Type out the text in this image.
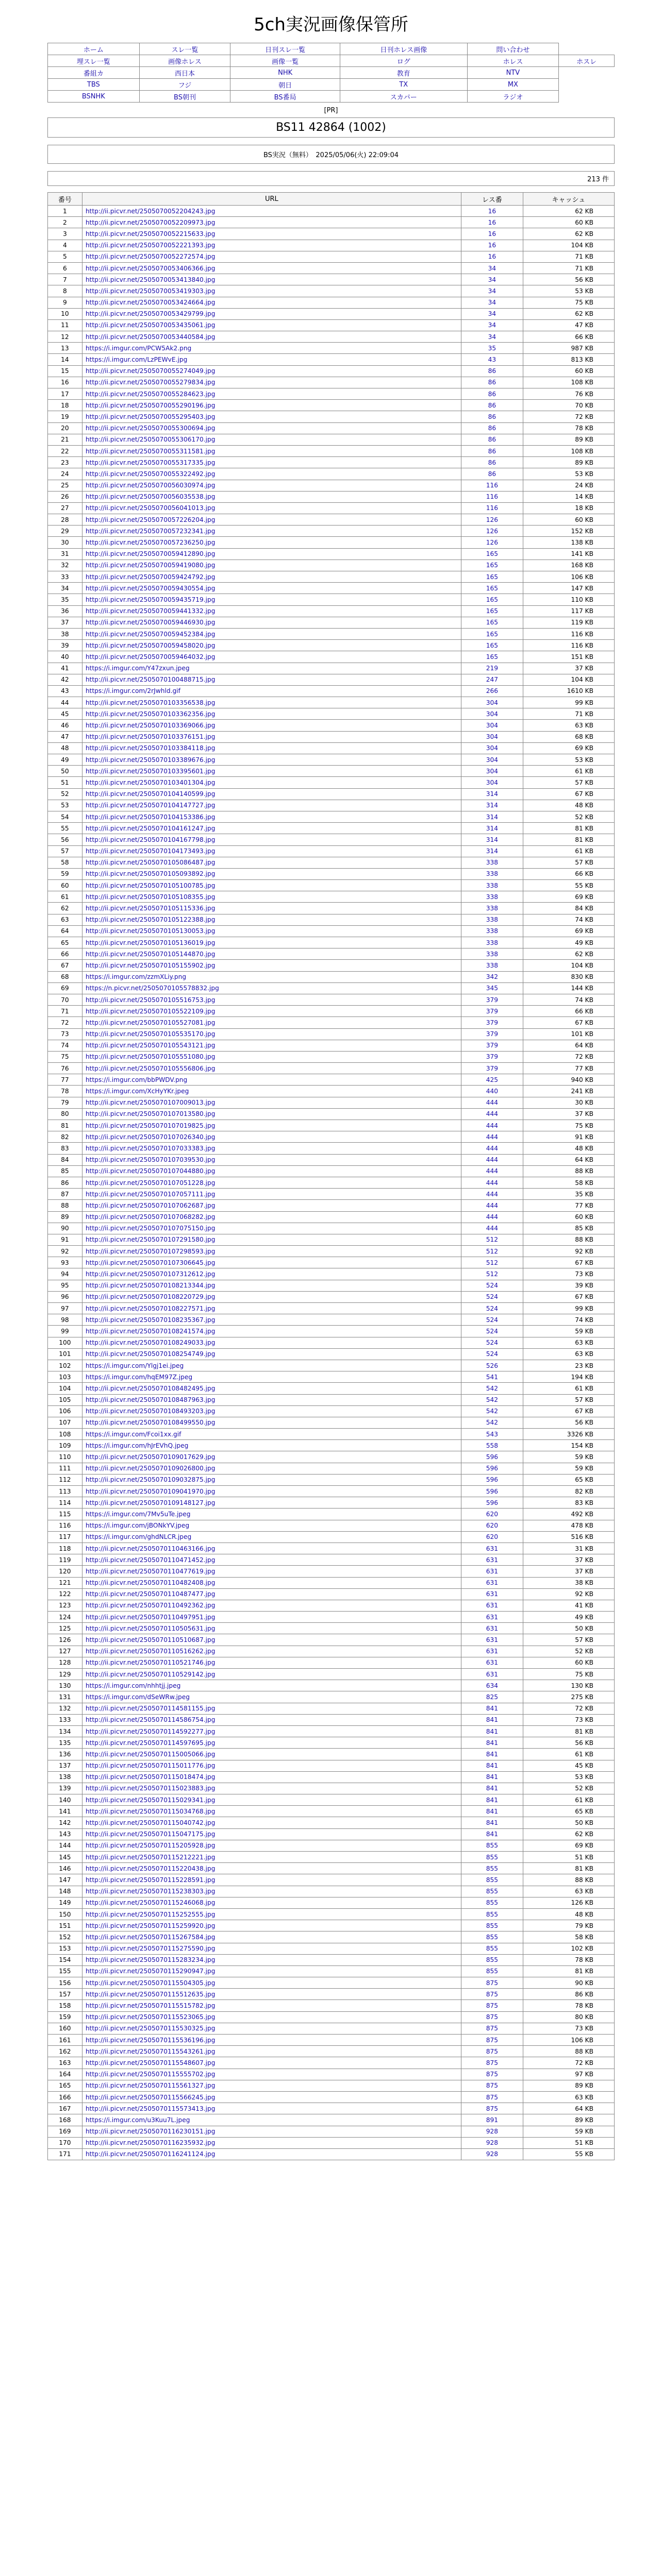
5ch実況画像保管所
ホーム	スレ一覧	日刊スレ一覧	日刊ホレス画像	問い合わせ	
埋スレ一覧	画像ホレス	画像一覧	ログ	ホレス	ホスレ
番組カ	西日本	NHK	教育	NTV	
TBS	フジ	朝日	TX	MX	
BSNHK	BS朝刊	BS番局	スカパー	ラジオ	
[PR]
BS11 42864 (1002)
BS実況（無料）　2025/05/06(火) 22:09:04
213 件
番号	URL	レス番	キャッシュ
1	http://ii.picvr.net/2505070052204243.jpg	16	62 KB
2	http://ii.picvr.net/2505070052209973.jpg	16	60 KB
3	http://ii.picvr.net/2505070052215633.jpg	16	62 KB
4	http://ii.picvr.net/2505070052221393.jpg	16	104 KB
5	http://ii.picvr.net/2505070052272574.jpg	16	71 KB
6	http://ii.picvr.net/2505070053406366.jpg	34	71 KB
7	http://ii.picvr.net/2505070053413840.jpg	34	56 KB
8	http://ii.picvr.net/2505070053419303.jpg	34	53 KB
9	http://ii.picvr.net/2505070053424664.jpg	34	75 KB
10	http://ii.picvr.net/2505070053429799.jpg	34	62 KB
11	http://ii.picvr.net/2505070053435061.jpg	34	47 KB
12	http://ii.picvr.net/2505070053440584.jpg	34	66 KB
13	https://i.imgur.com/PCW5Ak2.png	35	987 KB
14	https://i.imgur.com/LzPEWvE.jpg	43	813 KB
15	http://ii.picvr.net/2505070055274049.jpg	86	60 KB
16	http://ii.picvr.net/2505070055279834.jpg	86	108 KB
17	http://ii.picvr.net/2505070055284623.jpg	86	76 KB
18	http://ii.picvr.net/2505070055290196.jpg	86	70 KB
19	http://ii.picvr.net/2505070055295403.jpg	86	72 KB
20	http://ii.picvr.net/2505070055300694.jpg	86	78 KB
21	http://ii.picvr.net/2505070055306170.jpg	86	89 KB
22	http://ii.picvr.net/2505070055311581.jpg	86	108 KB
23	http://ii.picvr.net/2505070055317335.jpg	86	89 KB
24	http://ii.picvr.net/2505070055322492.jpg	86	53 KB
25	http://ii.picvr.net/2505070056030974.jpg	116	24 KB
26	http://ii.picvr.net/2505070056035538.jpg	116	14 KB
27	http://ii.picvr.net/2505070056041013.jpg	116	18 KB
28	http://ii.picvr.net/2505070057226204.jpg	126	60 KB
29	http://ii.picvr.net/2505070057232341.jpg	126	152 KB
30	http://ii.picvr.net/2505070057236250.jpg	126	138 KB
31	http://ii.picvr.net/2505070059412890.jpg	165	141 KB
32	http://ii.picvr.net/2505070059419080.jpg	165	168 KB
33	http://ii.picvr.net/2505070059424792.jpg	165	106 KB
34	http://ii.picvr.net/2505070059430554.jpg	165	147 KB
35	http://ii.picvr.net/2505070059435719.jpg	165	110 KB
36	http://ii.picvr.net/2505070059441332.jpg	165	117 KB
37	http://ii.picvr.net/2505070059446930.jpg	165	119 KB
38	http://ii.picvr.net/2505070059452384.jpg	165	116 KB
39	http://ii.picvr.net/2505070059458020.jpg	165	116 KB
40	http://ii.picvr.net/2505070059464032.jpg	165	151 KB
41	https://i.imgur.com/Y47zxun.jpeg	219	37 KB
42	http://ii.picvr.net/2505070100488715.jpg	247	104 KB
43	https://i.imgur.com/2rJwhld.gif	266	1610 KB
44	http://ii.picvr.net/2505070103356538.jpg	304	99 KB
45	http://ii.picvr.net/2505070103362356.jpg	304	71 KB
46	http://ii.picvr.net/2505070103369066.jpg	304	63 KB
47	http://ii.picvr.net/2505070103376151.jpg	304	68 KB
48	http://ii.picvr.net/2505070103384118.jpg	304	69 KB
49	http://ii.picvr.net/2505070103389676.jpg	304	53 KB
50	http://ii.picvr.net/2505070103395601.jpg	304	61 KB
51	http://ii.picvr.net/2505070103401304.jpg	304	57 KB
52	http://ii.picvr.net/2505070104140599.jpg	314	67 KB
53	http://ii.picvr.net/2505070104147727.jpg	314	48 KB
54	http://ii.picvr.net/2505070104153386.jpg	314	52 KB
55	http://ii.picvr.net/2505070104161247.jpg	314	81 KB
56	http://ii.picvr.net/2505070104167798.jpg	314	81 KB
57	http://ii.picvr.net/2505070104173493.jpg	314	61 KB
58	http://ii.picvr.net/2505070105086487.jpg	338	57 KB
59	http://ii.picvr.net/2505070105093892.jpg	338	66 KB
60	http://ii.picvr.net/2505070105100785.jpg	338	55 KB
61	http://ii.picvr.net/2505070105108355.jpg	338	69 KB
62	http://ii.picvr.net/2505070105115336.jpg	338	84 KB
63	http://ii.picvr.net/2505070105122388.jpg	338	74 KB
64	http://ii.picvr.net/2505070105130053.jpg	338	69 KB
65	http://ii.picvr.net/2505070105136019.jpg	338	49 KB
66	http://ii.picvr.net/2505070105144870.jpg	338	62 KB
67	http://ii.picvr.net/2505070105155902.jpg	338	104 KB
68	https://i.imgur.com/zzmXLiy.png	342	830 KB
69	https://n.picvr.net/2505070105578832.jpg	345	144 KB
70	http://ii.picvr.net/2505070105516753.jpg	379	74 KB
71	http://ii.picvr.net/2505070105522109.jpg	379	66 KB
72	http://ii.picvr.net/2505070105527081.jpg	379	67 KB
73	http://ii.picvr.net/2505070105535170.jpg	379	101 KB
74	http://ii.picvr.net/2505070105543121.jpg	379	64 KB
75	http://ii.picvr.net/2505070105551080.jpg	379	72 KB
76	http://ii.picvr.net/2505070105556806.jpg	379	77 KB
77	https://i.imgur.com/bbPWDV.png	425	940 KB
78	https://i.imgur.com/XcHyYKr.jpeg	440	241 KB
79	http://ii.picvr.net/2505070107009013.jpg	444	30 KB
80	http://ii.picvr.net/2505070107013580.jpg	444	37 KB
81	http://ii.picvr.net/2505070107019825.jpg	444	75 KB
82	http://ii.picvr.net/2505070107026340.jpg	444	91 KB
83	http://ii.picvr.net/2505070107033383.jpg	444	48 KB
84	http://ii.picvr.net/2505070107039530.jpg	444	64 KB
85	http://ii.picvr.net/2505070107044880.jpg	444	88 KB
86	http://ii.picvr.net/2505070107051228.jpg	444	58 KB
87	http://ii.picvr.net/2505070107057111.jpg	444	35 KB
88	http://ii.picvr.net/2505070107062687.jpg	444	77 KB
89	http://ii.picvr.net/2505070107068282.jpg	444	60 KB
90	http://ii.picvr.net/2505070107075150.jpg	444	85 KB
91	http://ii.picvr.net/2505070107291580.jpg	512	88 KB
92	http://ii.picvr.net/2505070107298593.jpg	512	92 KB
93	http://ii.picvr.net/2505070107306645.jpg	512	67 KB
94	http://ii.picvr.net/2505070107312612.jpg	512	73 KB
95	http://ii.picvr.net/2505070108213344.jpg	524	39 KB
96	http://ii.picvr.net/2505070108220729.jpg	524	67 KB
97	http://ii.picvr.net/2505070108227571.jpg	524	99 KB
98	http://ii.picvr.net/2505070108235367.jpg	524	74 KB
99	http://ii.picvr.net/2505070108241574.jpg	524	59 KB
100	http://ii.picvr.net/2505070108249033.jpg	524	63 KB
101	http://ii.picvr.net/2505070108254749.jpg	524	63 KB
102	https://i.imgur.com/Ylgj1ei.jpeg	526	23 KB
103	https://i.imgur.com/hqEM97Z.jpeg	541	194 KB
104	http://ii.picvr.net/2505070108482495.jpg	542	61 KB
105	http://ii.picvr.net/2505070108487963.jpg	542	57 KB
106	http://ii.picvr.net/2505070108493203.jpg	542	67 KB
107	http://ii.picvr.net/2505070108499550.jpg	542	56 KB
108	https://i.imgur.com/Fcoi1xx.gif	543	3326 KB
109	https://i.imgur.com/hJrEVhQ.jpeg	558	154 KB
110	http://ii.picvr.net/2505070109017629.jpg	596	59 KB
111	http://ii.picvr.net/2505070109026800.jpg	596	59 KB
112	http://ii.picvr.net/2505070109032875.jpg	596	65 KB
113	http://ii.picvr.net/2505070109041970.jpg	596	82 KB
114	http://ii.picvr.net/2505070109148127.jpg	596	83 KB
115	https://i.imgur.com/7Mv5uTe.jpeg	620	492 KB
116	https://i.imgur.com/jBONkYV.jpeg	620	478 KB
117	https://i.imgur.com/ghdNLCR.jpeg	620	516 KB
118	http://ii.picvr.net/2505070110463166.jpg	631	31 KB
119	http://ii.picvr.net/2505070110471452.jpg	631	37 KB
120	http://ii.picvr.net/2505070110477619.jpg	631	37 KB
121	http://ii.picvr.net/2505070110482408.jpg	631	38 KB
122	http://ii.picvr.net/2505070110487477.jpg	631	92 KB
123	http://ii.picvr.net/2505070110492362.jpg	631	41 KB
124	http://ii.picvr.net/2505070110497951.jpg	631	49 KB
125	http://ii.picvr.net/2505070110505631.jpg	631	50 KB
126	http://ii.picvr.net/2505070110510687.jpg	631	57 KB
127	http://ii.picvr.net/2505070110516262.jpg	631	52 KB
128	http://ii.picvr.net/2505070110521746.jpg	631	60 KB
129	http://ii.picvr.net/2505070110529142.jpg	631	75 KB
130	https://i.imgur.com/nhhtjj.jpeg	634	130 KB
131	https://i.imgur.com/dSeWRw.jpeg	825	275 KB
132	http://ii.picvr.net/2505070114581155.jpg	841	72 KB
133	http://ii.picvr.net/2505070114586754.jpg	841	73 KB
134	http://ii.picvr.net/2505070114592277.jpg	841	81 KB
135	http://ii.picvr.net/2505070114597695.jpg	841	56 KB
136	http://ii.picvr.net/2505070115005066.jpg	841	61 KB
137	http://ii.picvr.net/2505070115011776.jpg	841	45 KB
138	http://ii.picvr.net/2505070115018474.jpg	841	53 KB
139	http://ii.picvr.net/2505070115023883.jpg	841	52 KB
140	http://ii.picvr.net/2505070115029341.jpg	841	61 KB
141	http://ii.picvr.net/2505070115034768.jpg	841	65 KB
142	http://ii.picvr.net/2505070115040742.jpg	841	50 KB
143	http://ii.picvr.net/2505070115047175.jpg	841	62 KB
144	http://ii.picvr.net/2505070115205928.jpg	855	69 KB
145	http://ii.picvr.net/2505070115212221.jpg	855	51 KB
146	http://ii.picvr.net/2505070115220438.jpg	855	81 KB
147	http://ii.picvr.net/2505070115228591.jpg	855	88 KB
148	http://ii.picvr.net/2505070115238303.jpg	855	63 KB
149	http://ii.picvr.net/2505070115246068.jpg	855	126 KB
150	http://ii.picvr.net/2505070115252555.jpg	855	48 KB
151	http://ii.picvr.net/2505070115259920.jpg	855	79 KB
152	http://ii.picvr.net/2505070115267584.jpg	855	58 KB
153	http://ii.picvr.net/2505070115275590.jpg	855	102 KB
154	http://ii.picvr.net/2505070115283234.jpg	855	78 KB
155	http://ii.picvr.net/2505070115290947.jpg	855	81 KB
156	http://ii.picvr.net/2505070115504305.jpg	875	90 KB
157	http://ii.picvr.net/2505070115512635.jpg	875	86 KB
158	http://ii.picvr.net/2505070115515782.jpg	875	78 KB
159	http://ii.picvr.net/2505070115523065.jpg	875	80 KB
160	http://ii.picvr.net/2505070115530325.jpg	875	73 KB
161	http://ii.picvr.net/2505070115536196.jpg	875	106 KB
162	http://ii.picvr.net/2505070115543261.jpg	875	88 KB
163	http://ii.picvr.net/2505070115548607.jpg	875	72 KB
164	http://ii.picvr.net/2505070115555702.jpg	875	97 KB
165	http://ii.picvr.net/2505070115561327.jpg	875	89 KB
166	http://ii.picvr.net/2505070115566245.jpg	875	63 KB
167	http://ii.picvr.net/2505070115573413.jpg	875	64 KB
168	https://i.imgur.com/u3Kuu7L.jpeg	891	89 KB
169	http://ii.picvr.net/2505070116230151.jpg	928	59 KB
170	http://ii.picvr.net/2505070116235932.jpg	928	51 KB
171	http://ii.picvr.net/2505070116241124.jpg	928	55 KB
